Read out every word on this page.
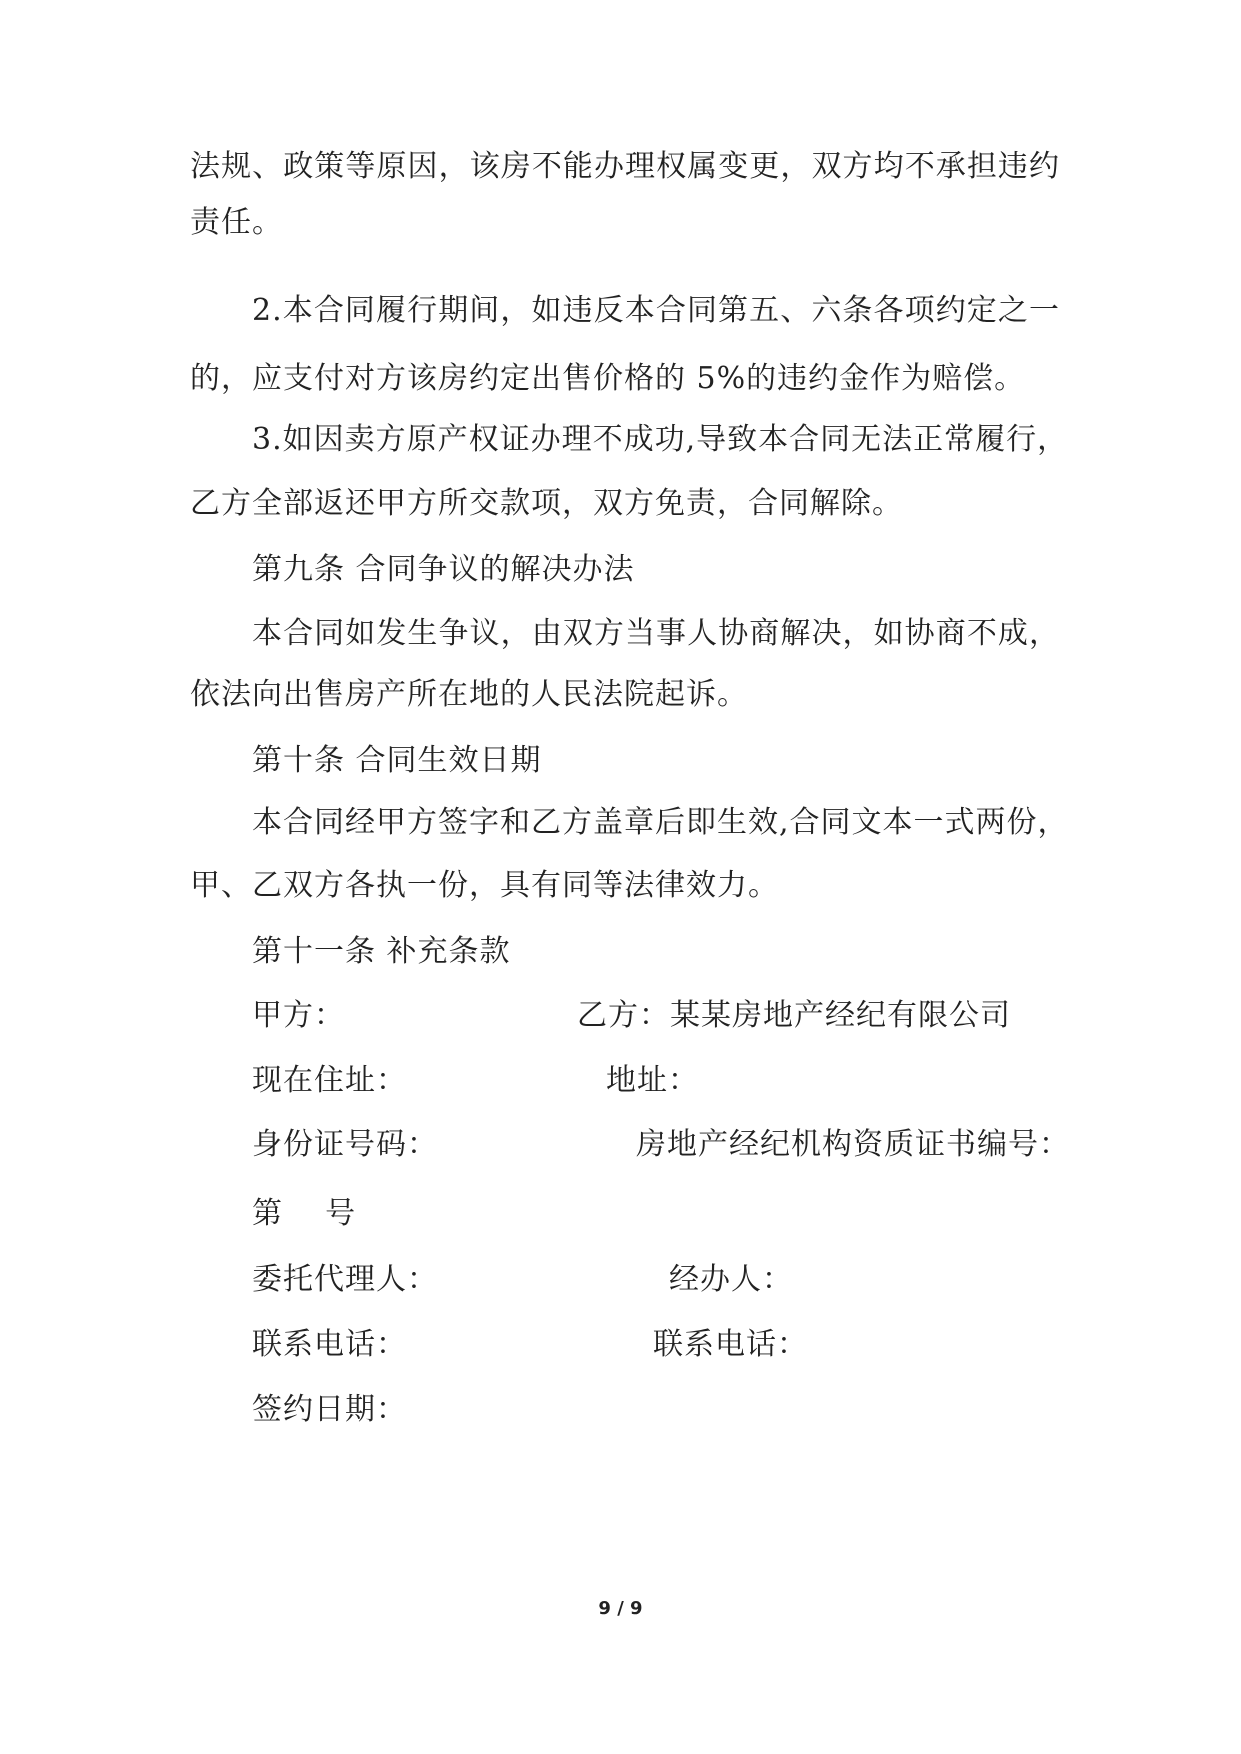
法规、政策等原因，该房不能办理权属变更，双方均不承担违约
责任。
2.本合同履行期间，如违反本合同第五、六条各项约定之一
的，应支付对方该房约定出售价格的 5%的违约金作为赔偿。
3.如因卖方原产权证办理不成功,导致本合同无法正常履行，
乙方全部返还甲方所交款项，双方免责，合同解除。
第九条 合同争议的解决办法
本合同如发生争议，由双方当事人协商解决，如协商不成，
依法向出售房产所在地的人民法院起诉。
第十条 合同生效日期
本合同经甲方签字和乙方盖章后即生效,合同文本一式两份，
甲、乙双方各执一份，具有同等法律效力。
第十一条 补充条款
甲方：	乙方：某某房地产经纪有限公司
现在住址：	地址：
身份证号码：	房地产经纪机构资质证书编号：
第    号
委托代理人：	经办人：
联系电话：	联系电话：
签约日期：
9 / 9
